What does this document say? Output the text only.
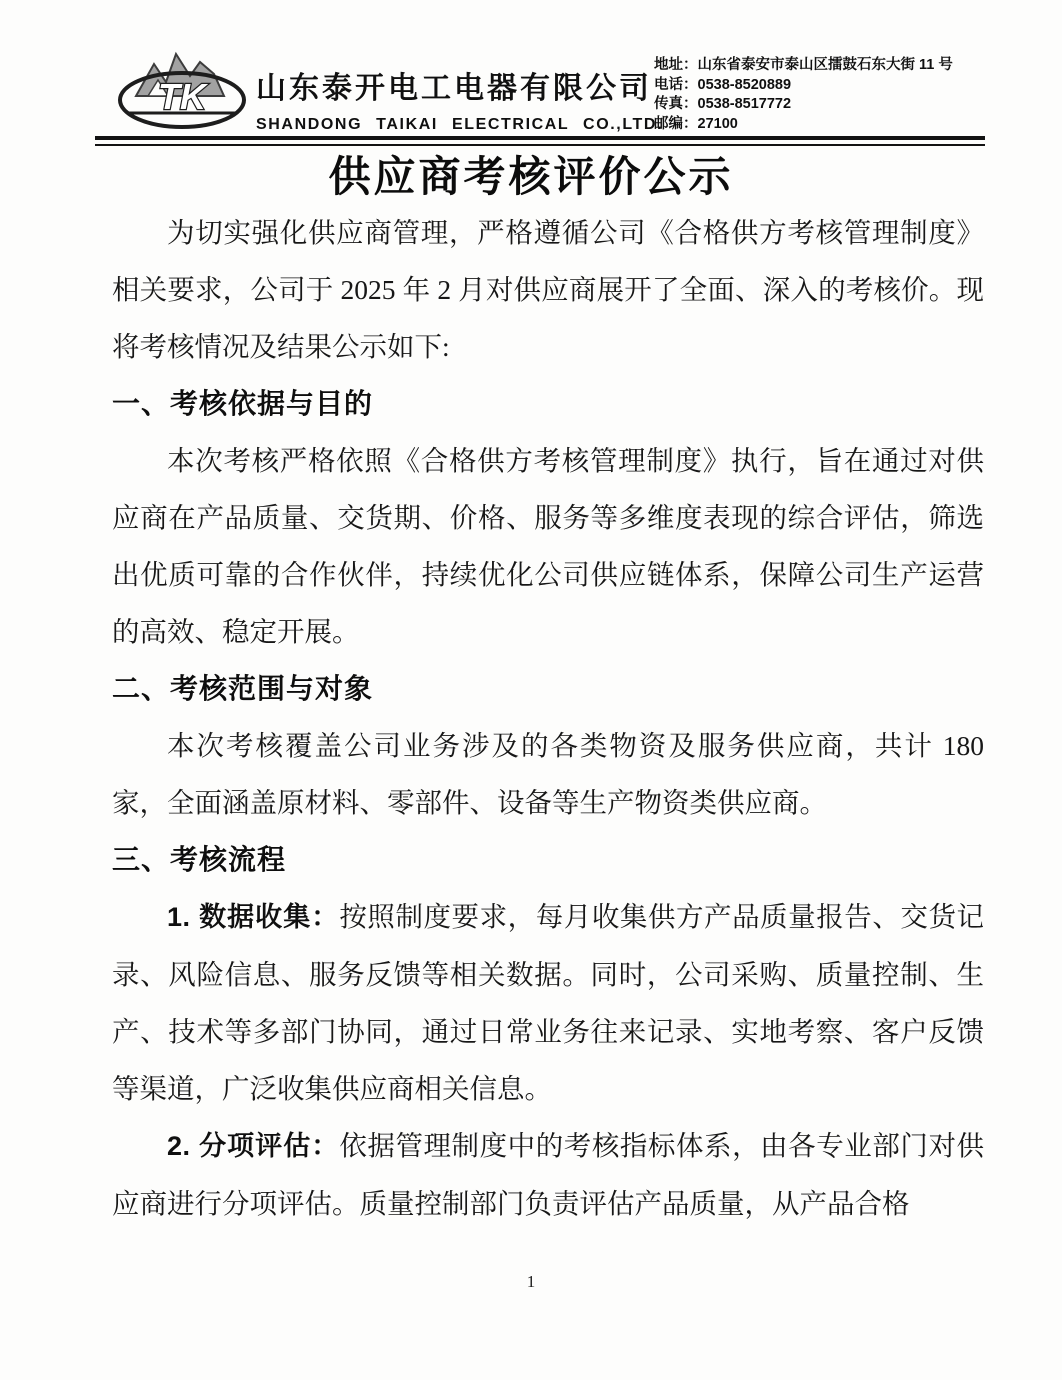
TK 山东泰开电工电器有限公司
SHANDONG TAIKAI ELECTRICAL CO.,LTD.
地址：山东省泰安市泰山区擂鼓石东大街 11 号
电话：0538-8520889
传真：0538-8517772
邮编：27100
供应商考核评价公示

为切实强化供应商管理，严格遵循公司《合格供方考核管理制度》相关要求，公司于 2025 年 2 月对供应商展开了全面、深入的考核价。现将考核情况及结果公示如下:

一、考核依据与目的

本次考核严格依照《合格供方考核管理制度》执行，旨在通过对供应商在产品质量、交货期、价格、服务等多维度表现的综合评估，筛选出优质可靠的合作伙伴，持续优化公司供应链体系，保障公司生产运营的高效、稳定开展。

二、考核范围与对象

本次考核覆盖公司业务涉及的各类物资及服务供应商，共计 180 家，全面涵盖原材料、零部件、设备等生产物资类供应商。

三、考核流程

1. 数据收集：按照制度要求，每月收集供方产品质量报告、交货记录、风险信息、服务反馈等相关数据。同时，公司采购、质量控制、生产、技术等多部门协同，通过日常业务往来记录、实地考察、客户反馈等渠道，广泛收集供应商相关信息。

2. 分项评估：依据管理制度中的考核指标体系，由各专业部门对供应商进行分项评估。质量控制部门负责评估产品质量，从产品合格

1
